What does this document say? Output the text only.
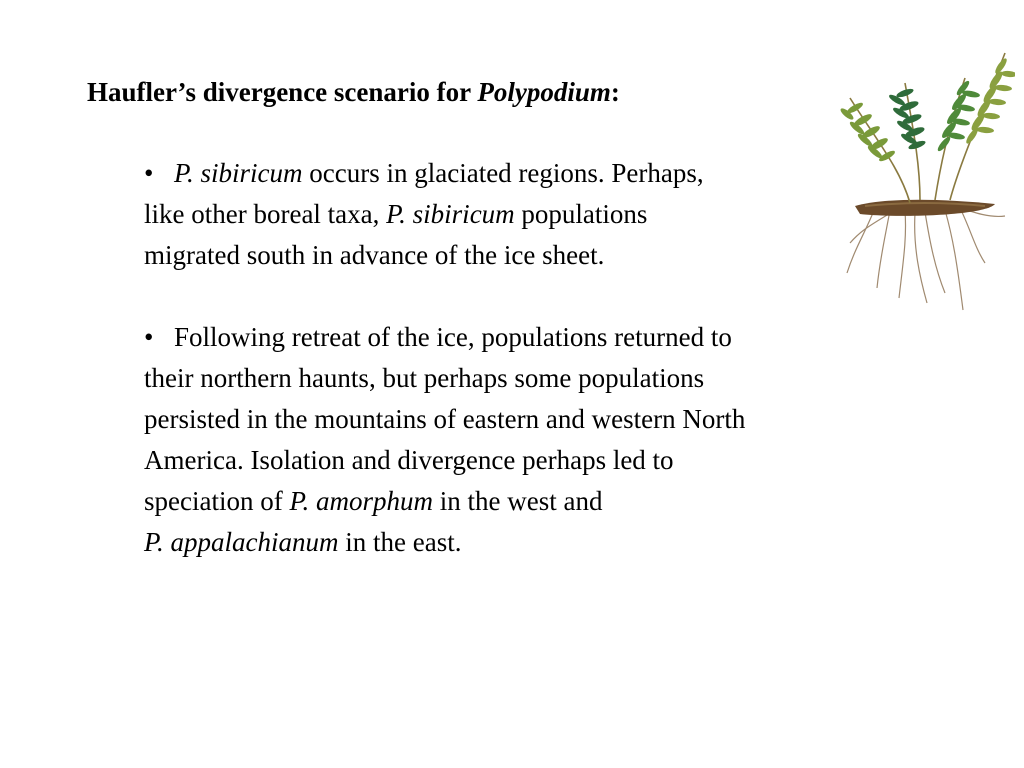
Haufler’s divergence scenario for Polypodium:
• P. sibiricum occurs in glaciated regions. Perhaps,
like other boreal taxa, P. sibiricum populations
migrated south in advance of the ice sheet.
• Following retreat of the ice, populations returned to
their northern haunts, but perhaps some populations
persisted in the mountains of eastern and western North
America. Isolation and divergence perhaps led to
speciation of P. amorphum in the west and
P. appalachianum in the east.
